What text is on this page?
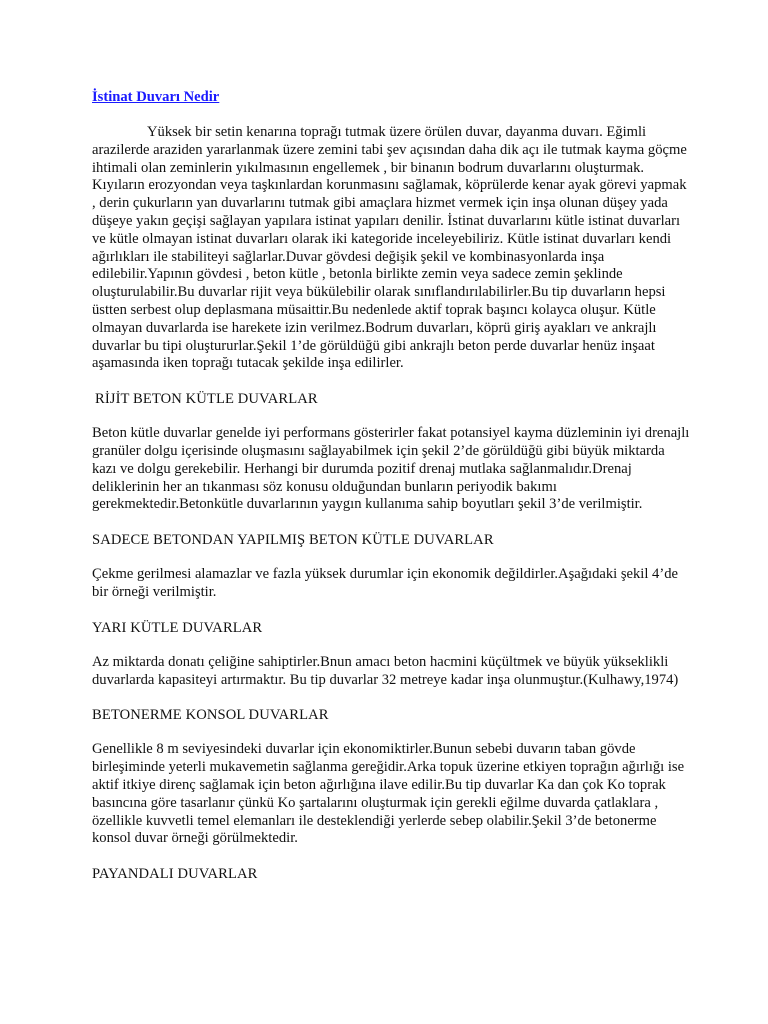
İstinat Duvarı Nedir

Yüksek bir setin kenarına toprağı tutmak üzere örülen duvar, dayanma duvarı. Eğimli arazilerde araziden yararlanmak üzere zemini tabi şev açısından daha dik açı ile tutmak kayma göçme ihtimali olan zeminlerin yıkılmasının engellemek , bir binanın bodrum duvarlarını oluşturmak. Kıyıların erozyondan veya taşkınlardan korunmasını sağlamak, köprülerde kenar ayak görevi yapmak , derin çukurların yan duvarlarını tutmak gibi amaçlara hizmet vermek için inşa olunan düşey yada düşeye yakın geçişi sağlayan yapılara istinat yapıları denilir. İstinat duvarlarını kütle istinat duvarları ve kütle olmayan istinat duvarları olarak iki kategoride inceleyebiliriz. Kütle istinat duvarları kendi ağırlıkları ile stabiliteyi sağlarlar.Duvar gövdesi değişik şekil ve kombinasyonlarda inşa edilebilir.Yapının gövdesi , beton kütle , betonla birlikte zemin veya sadece zemin şeklinde oluşturulabilir.Bu duvarlar rijit veya bükülebilir olarak sınıflandırılabilirler.Bu tip duvarların hepsi üstten serbest olup deplasmana müsaittir.Bu nedenlede aktif toprak başıncı kolayca oluşur. Kütle olmayan duvarlarda ise harekete izin verilmez.Bodrum duvarları, köprü giriş ayakları ve ankrajlı duvarlar bu tipi oluştururlar.Şekil 1’de görüldüğü gibi ankrajlı beton perde duvarlar henüz inşaat aşamasında iken toprağı tutacak şekilde inşa edilirler.

RİJİT BETON KÜTLE DUVARLAR

Beton kütle duvarlar genelde iyi performans gösterirler fakat potansiyel kayma düzleminin iyi drenajlı granüler dolgu içerisinde oluşmasını sağlayabilmek için şekil 2’de görüldüğü gibi büyük miktarda kazı ve dolgu gerekebilir. Herhangi bir durumda pozitif drenaj mutlaka sağlanmalıdır.Drenaj deliklerinin her an tıkanması söz konusu olduğundan bunların periyodik bakımı gerekmektedir.Betonkütle duvarlarının yaygın kullanıma sahip boyutları şekil 3’de verilmiştir.

SADECE BETONDAN YAPILMIŞ BETON KÜTLE DUVARLAR

Çekme gerilmesi alamazlar ve fazla yüksek durumlar için ekonomik değildirler.Aşağıdaki şekil 4’de bir örneği verilmiştir.

YARI KÜTLE DUVARLAR

Az miktarda donatı çeliğine sahiptirler.Bnun amacı beton hacmini küçültmek ve büyük yükseklikli duvarlarda kapasiteyi artırmaktır. Bu tip duvarlar 32 metreye kadar inşa olunmuştur.(Kulhawy,1974)

BETONERME KONSOL DUVARLAR

Genellikle 8 m seviyesindeki duvarlar için ekonomiktirler.Bunun sebebi duvarın taban gövde birleşiminde yeterli mukavemetin sağlanma gereğidir.Arka topuk üzerine etkiyen toprağın ağırlığı ise aktif itkiye direnç sağlamak için beton ağırlığına ilave edilir.Bu tip duvarlar Ka dan çok Ko toprak basıncına göre tasarlanır çünkü Ko şartalarını oluşturmak için gerekli eğilme duvarda çatlaklara , özellikle kuvvetli temel elemanları ile desteklendiği yerlerde sebep olabilir.Şekil 3’de betonerme konsol duvar örneği görülmektedir.

PAYANDALI DUVARLAR
